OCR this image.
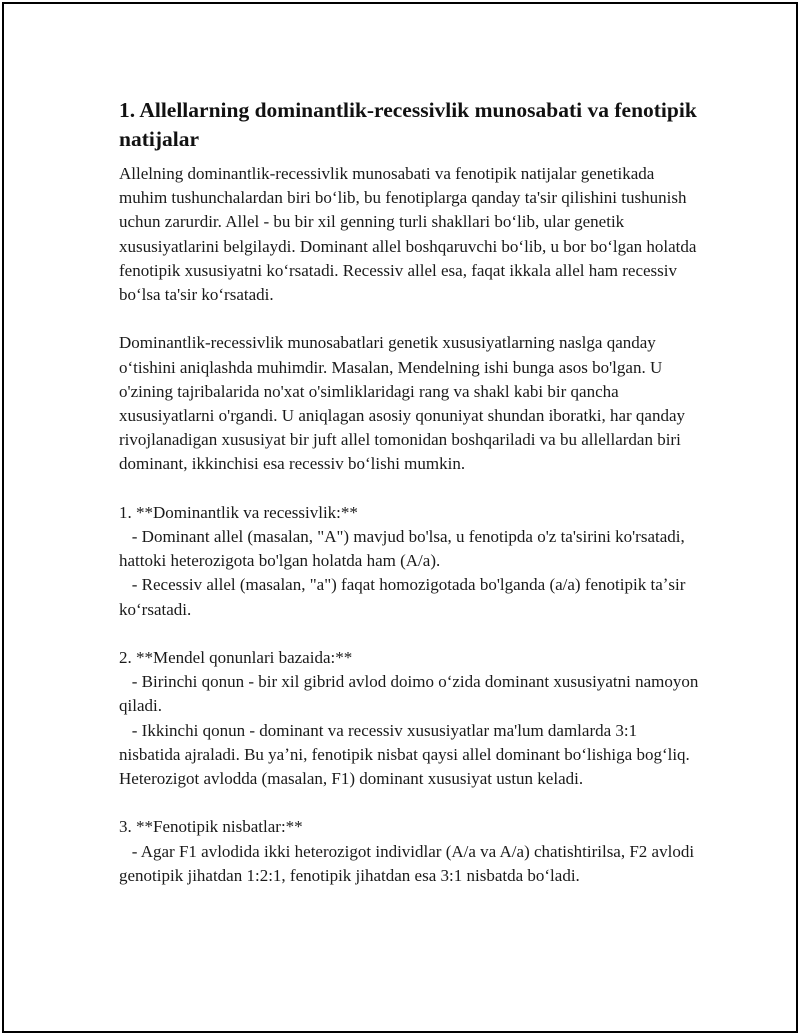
1. Allellarning dominantlik-recessivlik munosabati va fenotipik natijalar

Allelning dominantlik-recessivlik munosabati va fenotipik natijalar genetikada muhim tushunchalardan biri boʻlib, bu fenotiplarga qanday ta'sir qilishini tushunish uchun zarurdir. Allel - bu bir xil genning turli shakllari boʻlib, ular genetik xususiyatlarini belgilaydi. Dominant allel boshqaruvchi boʻlib, u bor boʻlgan holatda fenotipik xususiyatni koʻrsatadi. Recessiv allel esa, faqat ikkala allel ham recessiv boʻlsa ta'sir koʻrsatadi.

Dominantlik-recessivlik munosabatlari genetik xususiyatlarning naslga qanday oʻtishini aniqlashda muhimdir. Masalan, Mendelning ishi bunga asos bo'lgan. U o'zining tajribalarida no'xat o'simliklaridagi rang va shakl kabi bir qancha xususiyatlarni o'rgandi. U aniqlagan asosiy qonuniyat shundan iboratki, har qanday rivojlanadigan xususiyat bir juft allel tomonidan boshqariladi va bu allellardan biri dominant, ikkinchisi esa recessiv boʻlishi mumkin.

1. **Dominantlik va recessivlik:**
- Dominant allel (masalan, "A") mavjud bo'lsa, u fenotipda o'z ta'sirini ko'rsatadi, hattoki heterozigota bo'lgan holatda ham (A/a).
- Recessiv allel (masalan, "a") faqat homozigotada bo'lganda (a/a) fenotipik taʼsir koʻrsatadi.

2. **Mendel qonunlari bazaida:**
- Birinchi qonun - bir xil gibrid avlod doimo oʻzida dominant xususiyatni namoyon qiladi.
- Ikkinchi qonun - dominant va recessiv xususiyatlar ma'lum damlarda 3:1 nisbatida ajraladi. Bu yaʼni, fenotipik nisbat qaysi allel dominant boʻlishiga bogʻliq. Heterozigot avlodda (masalan, F1) dominant xususiyat ustun keladi.

3. **Fenotipik nisbatlar:**
- Agar F1 avlodida ikki heterozigot individlar (A/a va A/a) chatishtirilsa, F2 avlodi genotipik jihatdan 1:2:1, fenotipik jihatdan esa 3:1 nisbatda boʻladi.
